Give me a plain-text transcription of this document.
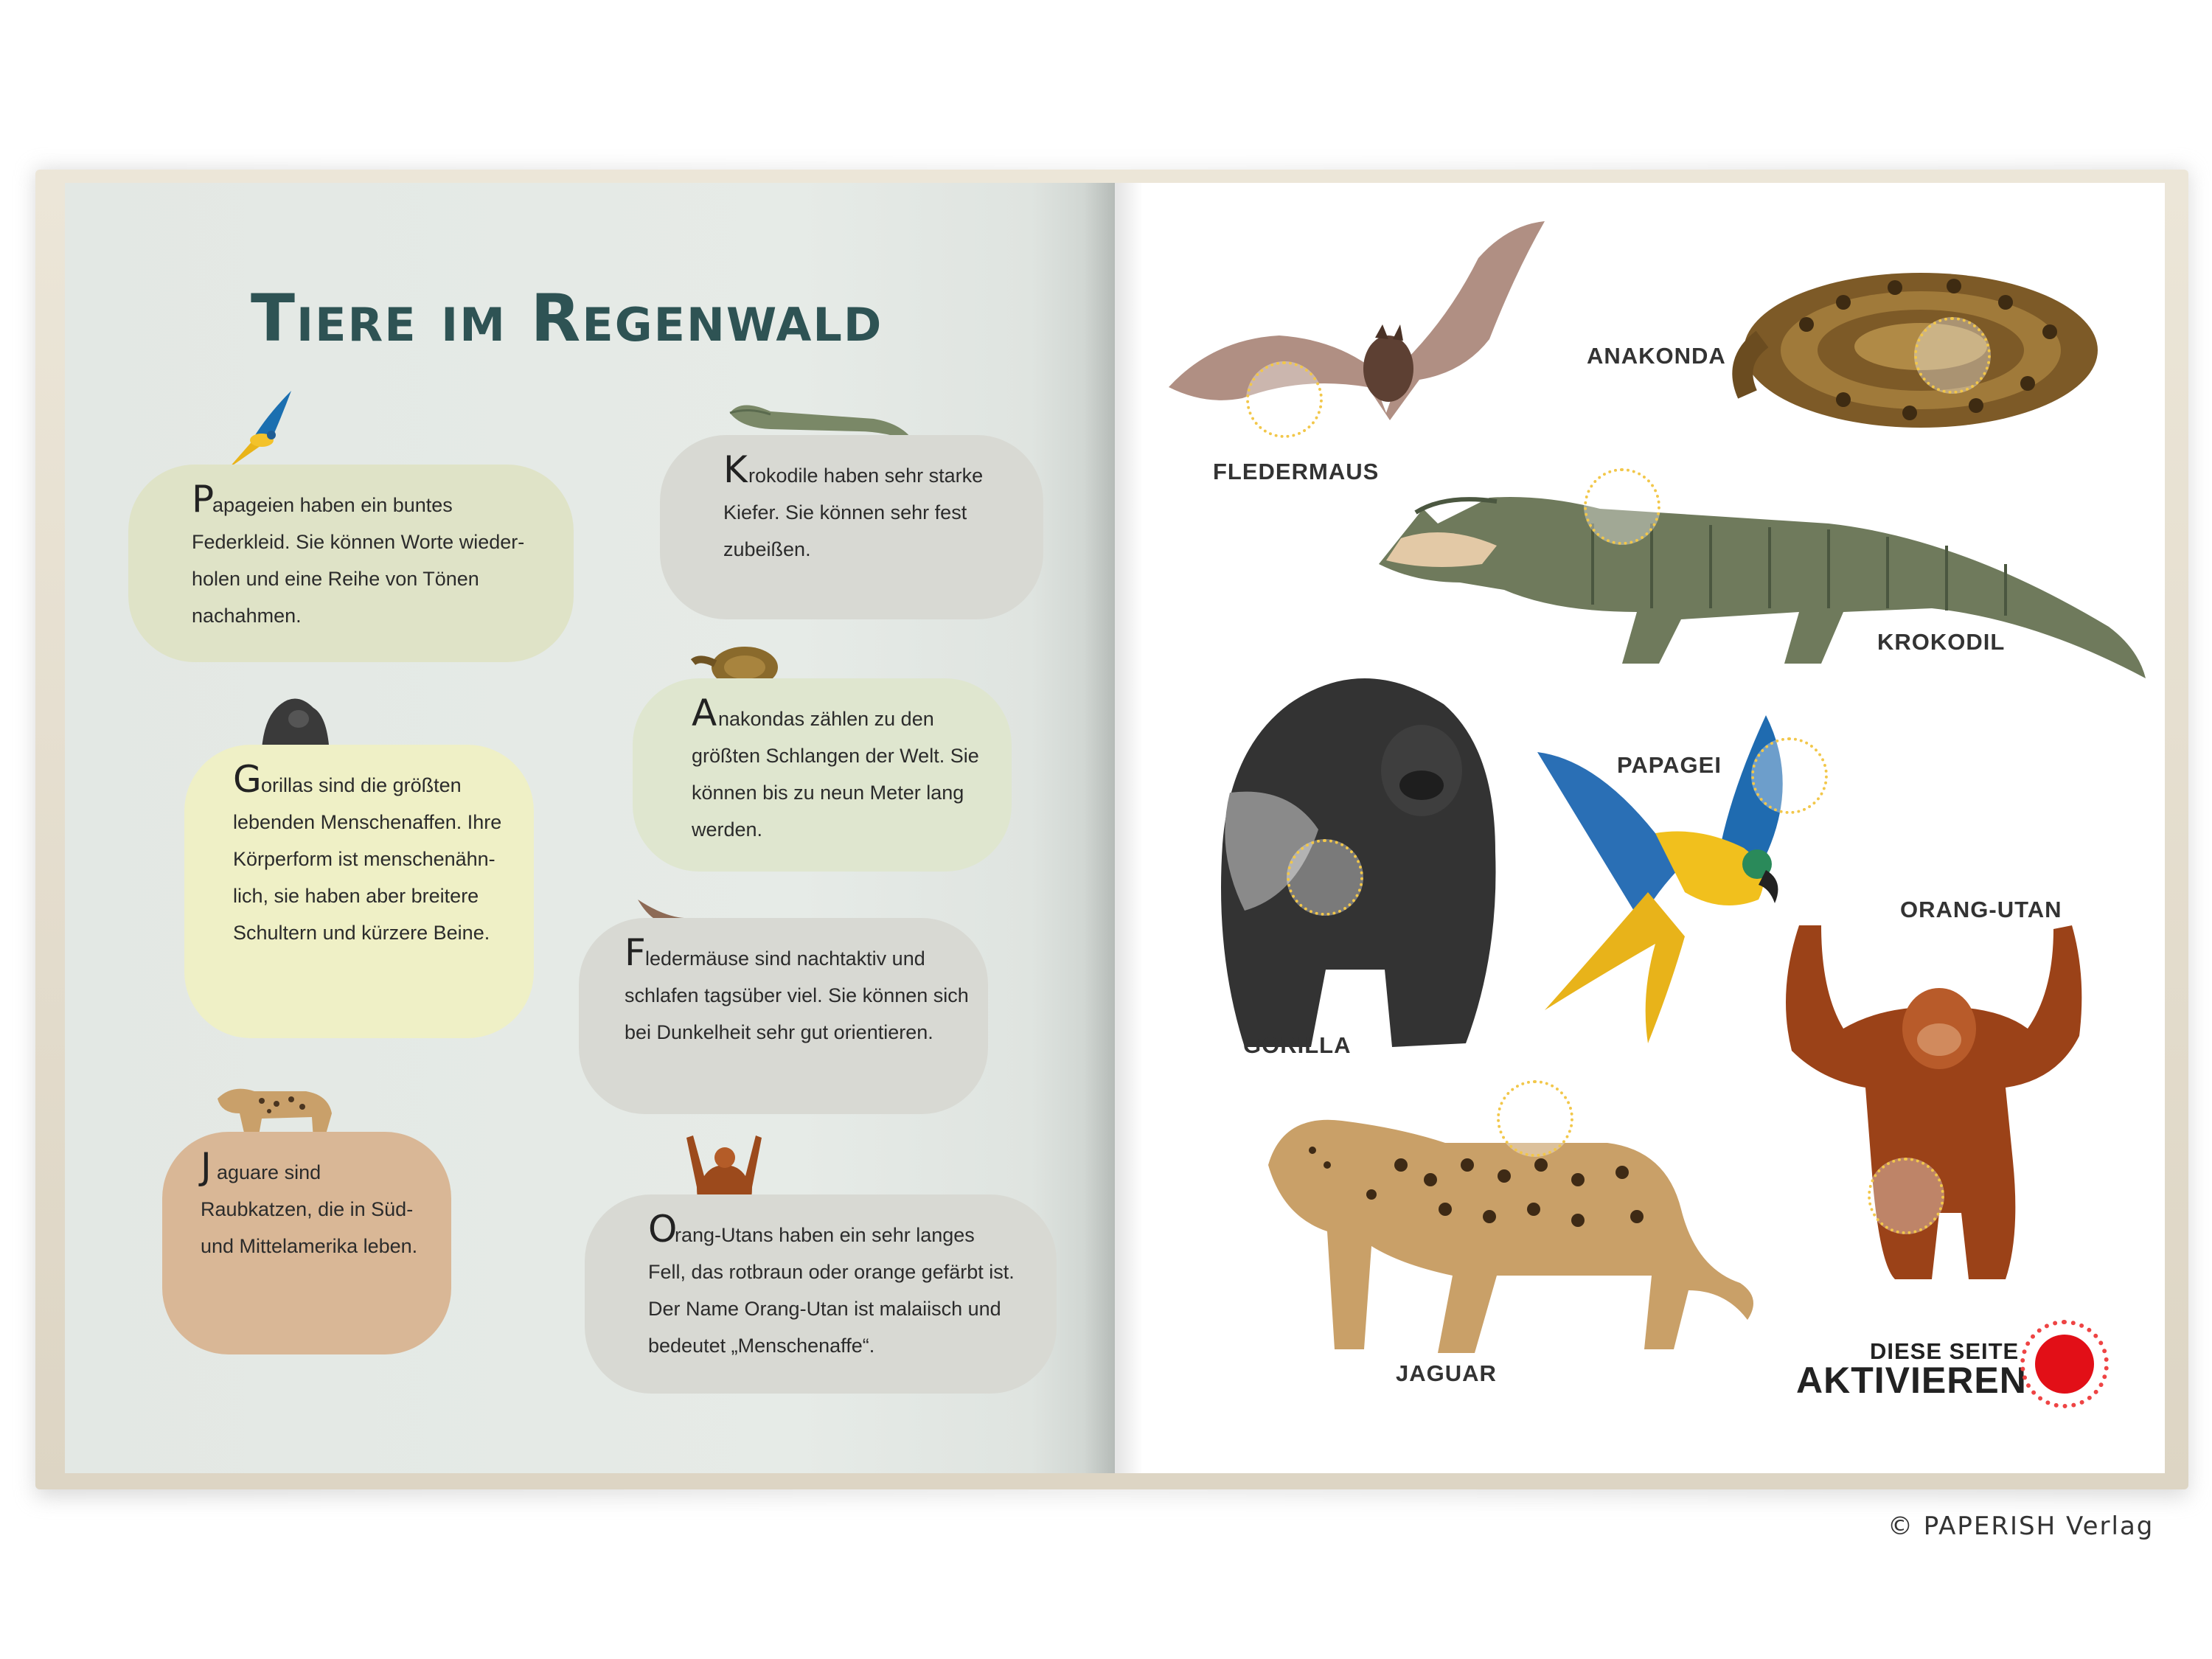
Tiere im Regenwald
P
apageien haben ein buntes Federkleid. Sie können Worte wieder-holen und eine Reihe von Tönen nachahmen.
K rokodile haben sehr starke Kiefer. Sie können sehr fest zubeißen.
G orillas sind die größten lebenden Menschenaffen. Ihre Körperform ist menschenähn-lich, sie haben aber breitere Schultern und kürzere Beine.
A nakondas zählen zu den größten Schlangen der Welt. Sie können bis zu neun Meter lang werden.
F ledermäuse sind nachtaktiv und schlafen tagsüber viel. Sie können sich bei Dunkelheit sehr gut orientieren.
J aguare sind Raubkatzen, die in Süd- und Mittelamerika leben.	O
rang-Utans haben ein sehr langes Fell, das rotbraun oder orange gefärbt ist. Der Name Orang-Utan ist malaiisch und bedeutet „Menschenaffe“.
FLEDERMAUS
ANAKONDA
KROKODIL
GORILLA
PAPAGEI
ORANG-UTAN
JAGUAR
DIESE SEITE
AKTIVIEREN
© PAPERISH Verlag
